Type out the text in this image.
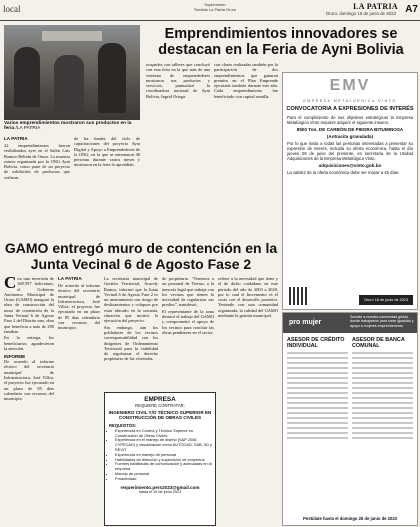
local	Suplemento
Tendida La Patria Oruro	LA PATRIA
Oruro, domingo 18 de junio de 2023 A7
Varios emprendimientos mostraron sus productos en la feria /LA PATRIA
Emprendimientos innovadores se destacan en la Feria de Ayni Bolivia
LA PATRIA

22 emprendimientos fueron visibilizados ayer en el Salón Luis Ramiro Beltrán de Oruro. La muestra estuvo organizada por la ONG Ayni Bolivia, como parte de un proyecto de exhibición de productos que realizan.

de las finales del ciclo de capacitaciones del proyecto Ayni Digital y Apoyo a Emprendedores de la ONG, en la que se entrenaron 40 personas durante varios meses y mostraron en la feria lo aprendido.

ocupados con talleres que concluyó con esta feria en la que más de una veintena de emprendedores mostraron sus productos y servicios, puntualizó la coordinadora nacional de Ayni Bolivia, Ingrid Ortega.

con clases realizadas también por la participación de dos emprendimientos que ganaron premios en el Plan Emprende ejecutado también durante este año. Cada emprendimiento fue beneficiado con capital semilla.

EMV
EMPRESA METALÚRGICA VINTO
CONVOCATORIA A EXPRESIONES DE INTERÉS
Para el cumplimiento de sus objetivos estratégicos la Empresa Metalúrgica Vinto requiere adquirir el siguiente insumo:
8500 Ton. DE CARBÓN DE PIEDRA BITUMINOSA
(Antracita granulada)
Por lo que invita a todas las personas interesadas a presentar su expresión de interés, incluida su oferta económica, hasta el día jueves 29 de junio del presente, en secretaría de la Unidad Adquisiciones de la Empresa Metalúrgica Vinto.
adquisiciones@vinto.gob.bo
La validez de la oferta económica debe ser mayor a 45 días.
Oruro 18 de junio de 2023
GAMO entregó muro de contención en la Junta Vecinal 6 de Agosto Fase 2

Con una inversión de 369.597 bolivianos, el Gobierno Autónomo Municipal de Oruro (GAMO) inauguró la obra de construcción del muro de contención de la Junta Vecinal 6 de Agosto Fase 2 del Distrito uno, obra que beneficia a más de 290 familias.

En la entrega, los beneficiarios agradecieron la atención.

INFORME

De acuerdo al informe técnico del secretario municipal de Infraestructura, José Villca, el proyecto fue ejecutado en un plazo de 85 días calendario con recursos del municipio.

LA PATRIA

De acuerdo al informe técnico del secretario municipal de Infraestructura, José Villca, el proyecto fue ejecutado en un plazo de 85 días calendario con recursos del municipio.

La secretaria municipal de Gestión Territorial, Aracely Ramos, informó que la Junta Vecinal 6 de Agosto Fase 2 es un asentamiento con riesgo de deslizamientos y colapsos por estar ubicado en la serranía, situación que motivó la ejecución del proyecto.

Sin embargo, aún los pobladores de los vecinos corresponsabilidad con los dirigentes de Ordenamiento Territorial para la viabilidad de regularizar el derecho propietario de las viviendas.

de propietario. “Tenemos a un personal de Tierras, a la asesoría legal que trabaja con los vecinos que tienen la necesidad de regularizar sus predios”, manifestó.

El representante de la zona destacó el trabajo del GAMO y comprometió el apoyo de los vecinos para concluir las obras pendientes en el sector.

refiere a la necesidad que tiene y el de dicho ciudadano en este periodo del año de 2003 a 2020, por lo cual el Incremento es el costo con el desarrollo posterior. Teniendo con una comunidad organizada, la calidad del GAMO mediante la gestión municipal.

EMPRESA
REQUIERE CONTRATAR:
INGENIERO CIVIL Y/O TÉCNICO SUPERIOR EN CONSTRUCCIÓN DE OBRAS CIVILES
REQUISITOS:
• Experiencia en Control y Técnico Superior en Construcción de Obras Civiles
• Experiencia en el manejo de diseño (S&P 2008, CYPECAD) y visualización como AUTOCAD, SAB, 3D y REVIT
• Experiencia en manejo de personal
• Habilidades de dirección y supervisión de proyectos
• Fuentes habilitadas de comunicación y adecuadas en la empresa
• Manejo de personal
• Proactividad
requerimiento.pers2023@gmail.com
hasta el 19 de junio 2023
pro mujer
Sumate a nuestra comunidad global, donde trabajamos para crear igualdad y apoyo a mujeres emprendedoras.
ASESOR DE CRÉDITO INDIVIDUAL
ASESOR DE BANCA COMUNAL
Postúlate hasta el domingo 25 de junio de 2023
